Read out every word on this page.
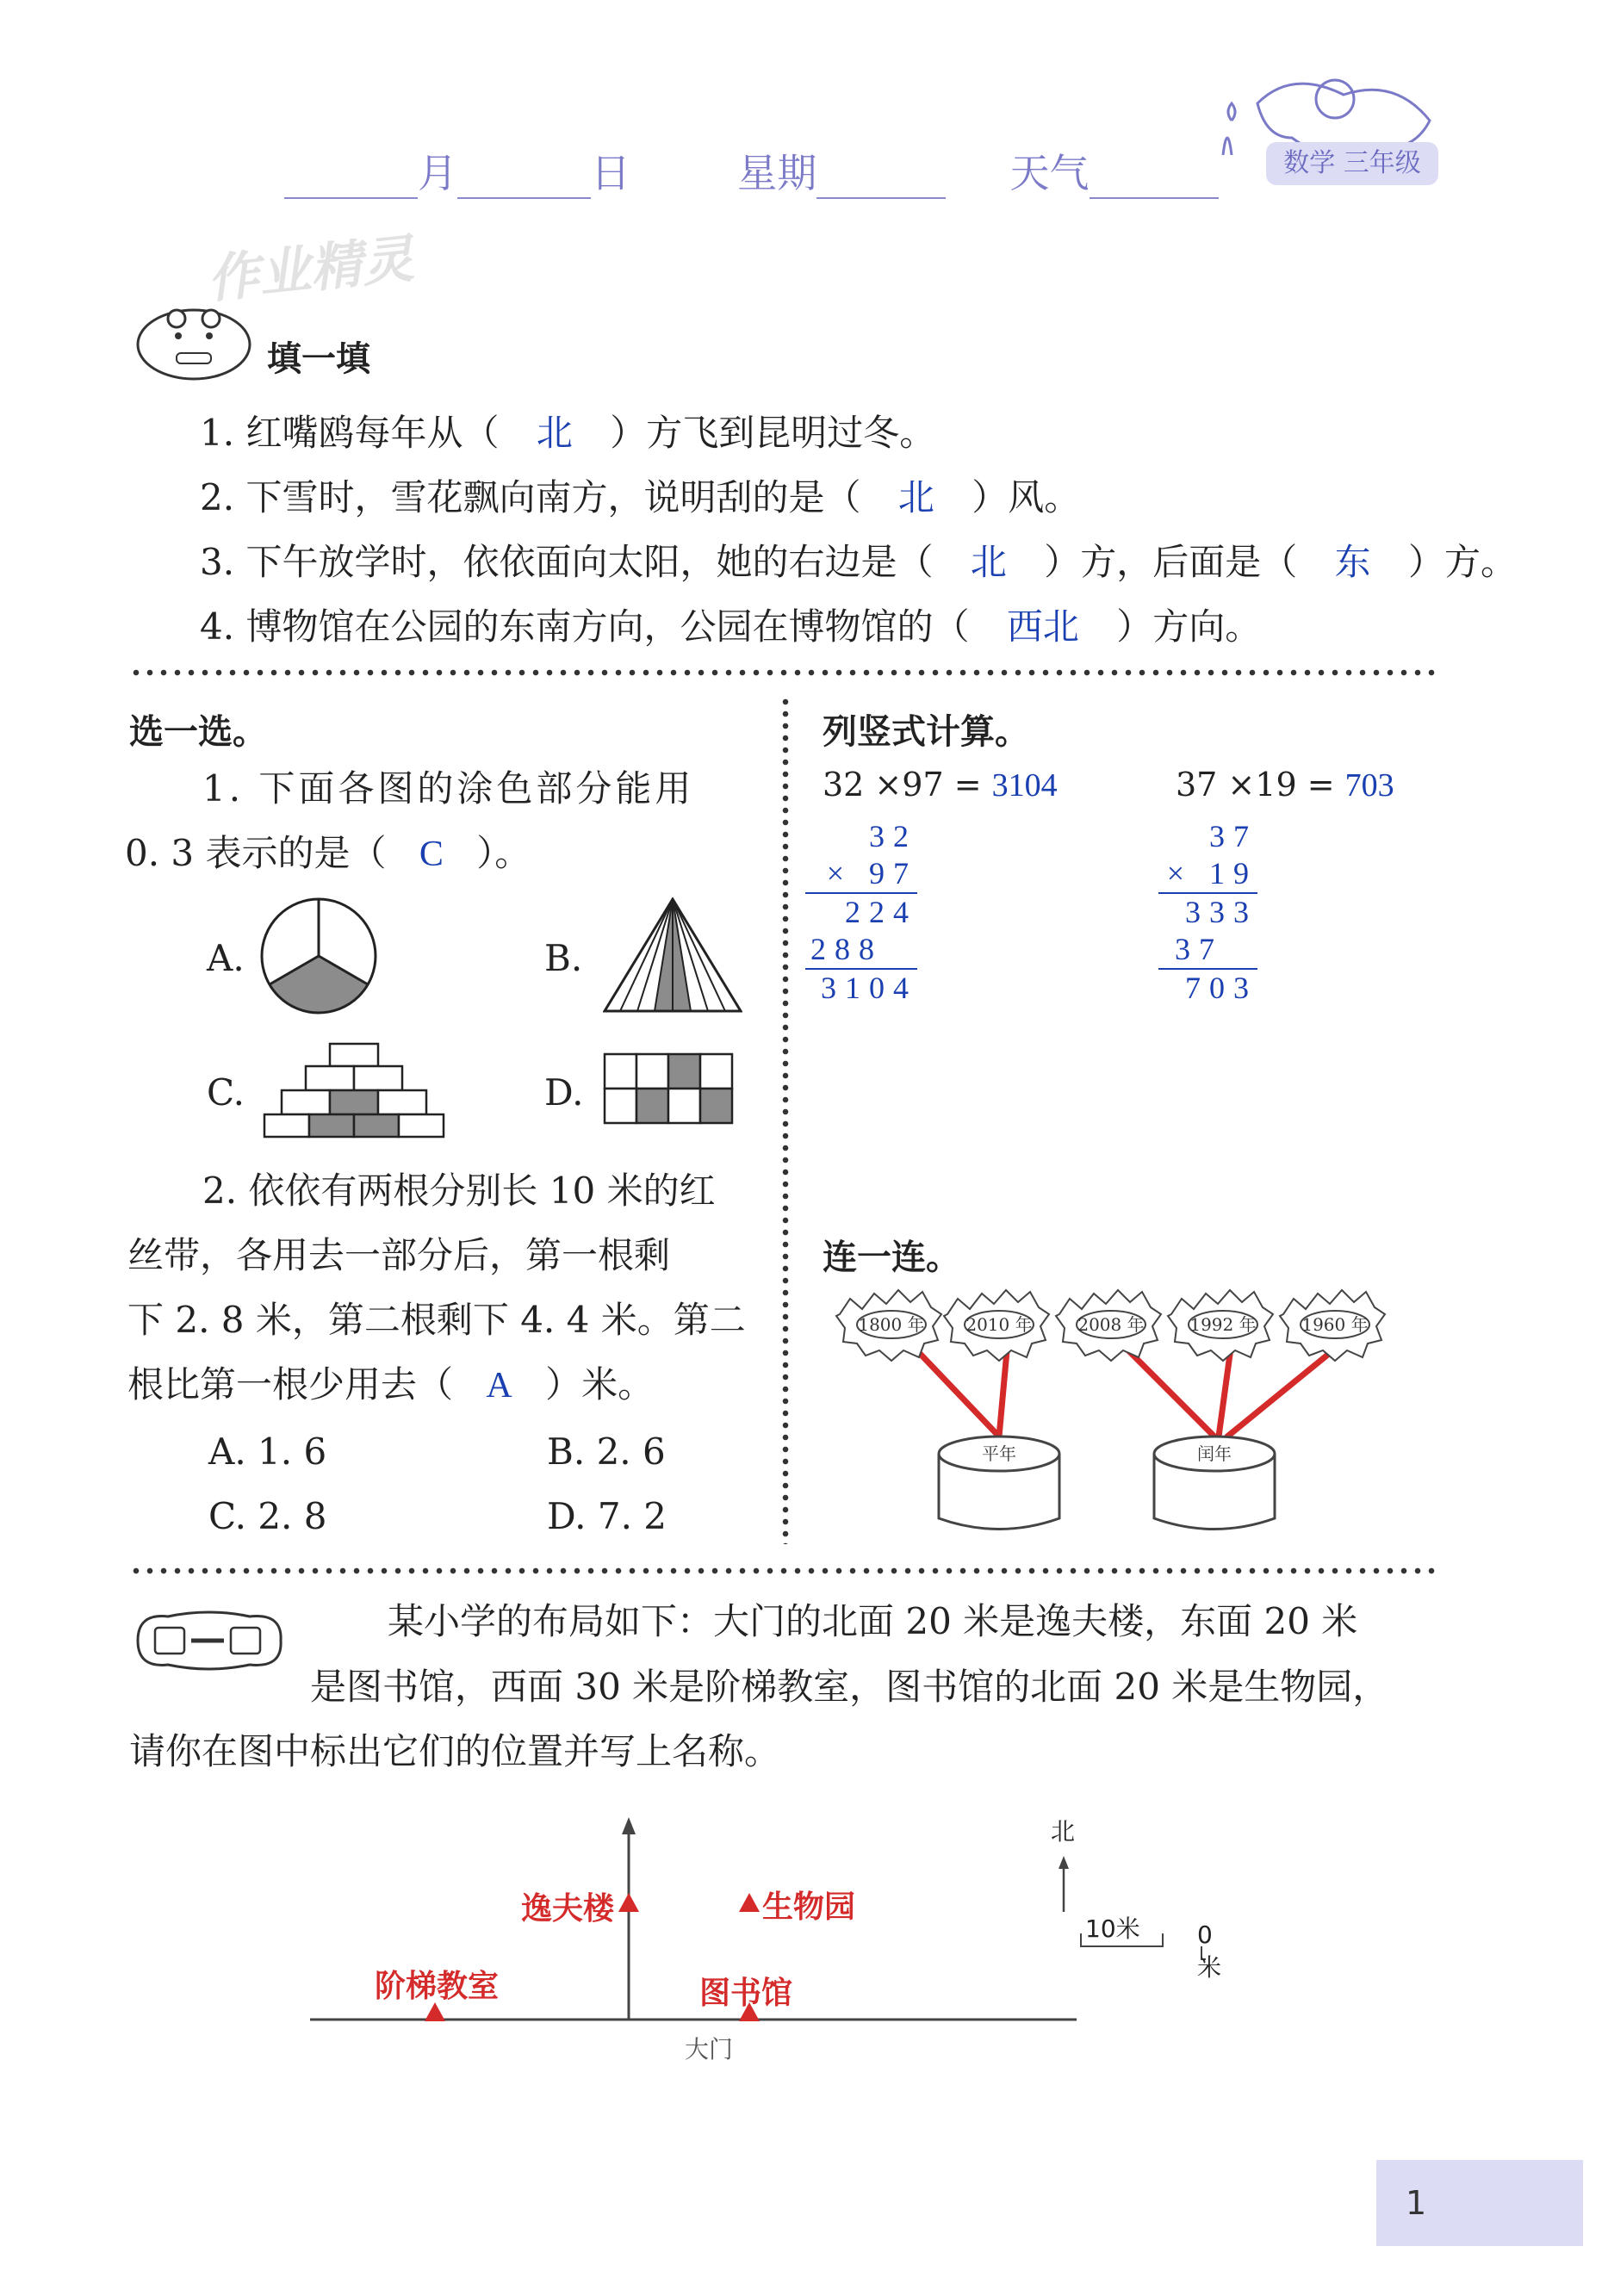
月	日	星期	天气	数学 三年级
作业精灵
填一填
1. 红嘴鸥每年从（ 北 ）方飞到昆明过冬。
2. 下雪时，雪花飘向南方，说明刮的是（ 北 ）风。
3. 下午放学时，依依面向太阳，她的右边是（ 北 ）方，后面是（ 东 ）方。
4. 博物馆在公园的东南方向，公园在博物馆的（ 西北 ）方向。
选一选。
1. 下面各图的涂色部分能用
0. 3 表示的是（ C ）。
A.	B.
C.	D.
2. 依依有两根分别长 10 米的红
丝带，各用去一部分后，第一根剩
下 2. 8 米，第二根剩下 4. 4 米。第二
根比第一根少用去（ A ）米。
A. 1. 6	B. 2. 6
C. 2. 8	D. 7. 2
列竖式计算。
32 ×97 = 3104	37 ×19 = 703
32
× 97
224
288
3104
37
× 19
333
37
703
连一连。
1800 年 2010 年	2008 年	1992 年	1960 年
平年	闰年
某小学的布局如下：大门的北面 20 米是逸夫楼，东面 20 米
是图书馆，西面 30 米是阶梯教室，图书馆的北面 20 米是生物园，
请你在图中标出它们的位置并写上名称。
北
10米 0米
大门
逸夫楼	生物园
阶梯教室	图书馆
1
